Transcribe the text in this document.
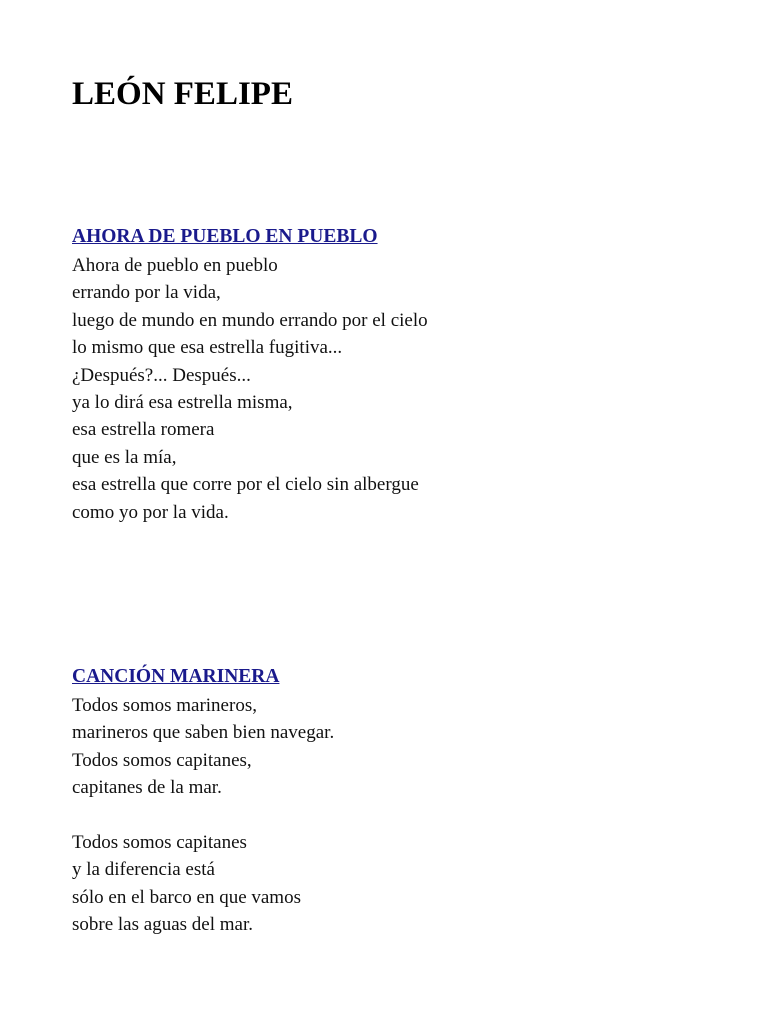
LEÓN FELIPE
AHORA DE PUEBLO EN PUEBLO
Ahora de pueblo en pueblo
errando por la vida,
luego de mundo en mundo errando por el cielo
lo mismo que esa estrella fugitiva...
¿Después?... Después...
ya lo dirá esa estrella misma,
esa estrella romera
que es la mía,
esa estrella que corre por el cielo sin albergue
como yo por la vida.
CANCIÓN MARINERA
Todos somos marineros,
marineros que saben bien navegar.
Todos somos capitanes,
capitanes de la mar.
Todos somos capitanes
y la diferencia está
sólo en el barco en que vamos
sobre las aguas del mar.
